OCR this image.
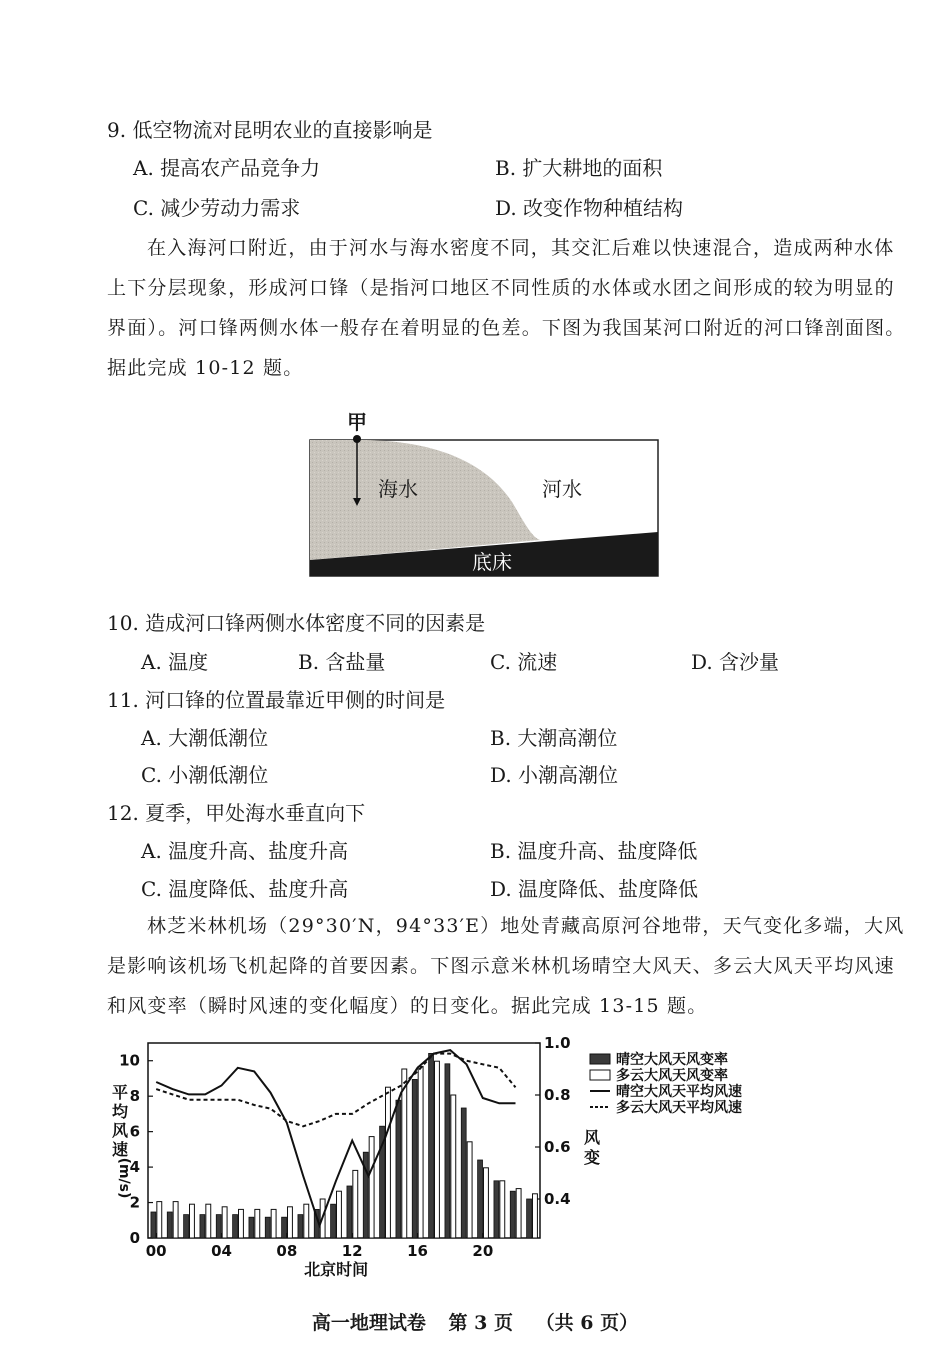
9. 低空物流对昆明农业的直接影响是
A. 提高农产品竞争力	B. 扩大耕地的面积
C. 减少劳动力需求	D. 改变作物种植结构
在入海河口附近，由于河水与海水密度不同，其交汇后难以快速混合，造成两种水体上下分层现象，形成河口锋（是指河口地区不同性质的水体或水团之间形成的较为明显的界面）。河口锋两侧水体一般存在着明显的色差。下图为我国某河口附近的河口锋剖面图。据此完成 10-12 题。
甲
海水	河水
底床
10. 造成河口锋两侧水体密度不同的因素是
A. 温度	B. 含盐量	C. 流速	D. 含沙量
11. 河口锋的位置最靠近甲侧的时间是
A. 大潮低潮位	B. 大潮高潮位
C. 小潮低潮位	D. 小潮高潮位
12. 夏季，甲处海水垂直向下
A. 温度升高、盐度升高	B. 温度升高、盐度降低
C. 温度降低、盐度升高	D. 温度降低、盐度降低
林芝米林机场（29°30′N，94°33′E）地处青藏高原河谷地带，天气变化多端，大风是影响该机场飞机起降的首要因素。下图示意米林机场晴空大风天、多云大风天平均风速和风变率（瞬时风速的变化幅度）的日变化。据此完成 13-15 题。
0
2
4
6
8
10
0.4
0.6
0.8
1.0
00	04	08	12	16	20
平
均
风
速
(m/s)
风
变
北京时间
晴空大风天风变率
多云大风天风变率
晴空大风天平均风速
多云大风天平均风速
高一地理试卷 第 3 页 （共 6 页）
